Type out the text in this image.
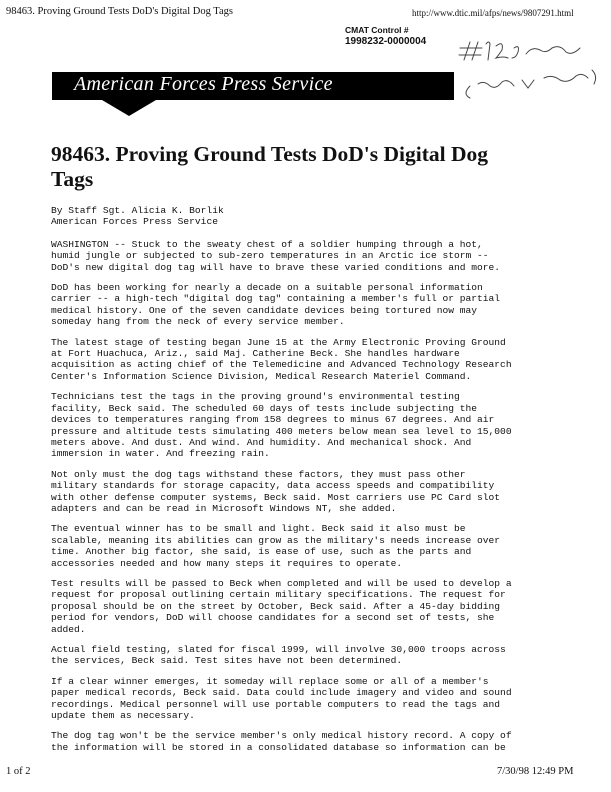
98463. Proving Ground Tests DoD's Digital Dog Tags	http://www.dtic.mil/afps/news/9807291.html
CMAT Control #
1998232-0000004
American Forces Press Service
98463. Proving Ground Tests DoD's Digital Dog
Tags

By Staff Sgt. Alicia K. Borlik
American Forces Press Service

WASHINGTON -- Stuck to the sweaty chest of a soldier humping through a hot,
humid jungle or subjected to sub-zero temperatures in an Arctic ice storm --
DoD's new digital dog tag will have to brave these varied conditions and more.

DoD has been working for nearly a decade on a suitable personal information
carrier -- a high-tech "digital dog tag" containing a member's full or partial
medical history. One of the seven candidate devices being tortured now may
someday hang from the neck of every service member.

The latest stage of testing began June 15 at the Army Electronic Proving Ground
at Fort Huachuca, Ariz., said Maj. Catherine Beck. She handles hardware
acquisition as acting chief of the Telemedicine and Advanced Technology Research
Center's Information Science Division, Medical Research Materiel Command.

Technicians test the tags in the proving ground's environmental testing
facility, Beck said. The scheduled 60 days of tests include subjecting the
devices to temperatures ranging from 158 degrees to minus 67 degrees. And air
pressure and altitude tests simulating 400 meters below mean sea level to 15,000
meters above. And dust. And wind. And humidity. And mechanical shock. And
immersion in water. And freezing rain.

Not only must the dog tags withstand these factors, they must pass other
military standards for storage capacity, data access speeds and compatibility
with other defense computer systems, Beck said. Most carriers use PC Card slot
adapters and can be read in Microsoft Windows NT, she added.

The eventual winner has to be small and light. Beck said it also must be
scalable, meaning its abilities can grow as the military's needs increase over
time. Another big factor, she said, is ease of use, such as the parts and
accessories needed and how many steps it requires to operate.

Test results will be passed to Beck when completed and will be used to develop a
request for proposal outlining certain military specifications. The request for
proposal should be on the street by October, Beck said. After a 45-day bidding
period for vendors, DoD will choose candidates for a second set of tests, she
added.

Actual field testing, slated for fiscal 1999, will involve 30,000 troops across
the services, Beck said. Test sites have not been determined.

If a clear winner emerges, it someday will replace some or all of a member's
paper medical records, Beck said. Data could include imagery and video and sound
recordings. Medical personnel will use portable computers to read the tags and
update them as necessary.

The dog tag won't be the service member's only medical history record. A copy of
the information will be stored in a consolidated database so information can be

1 of 2	7/30/98 12:49 PM
